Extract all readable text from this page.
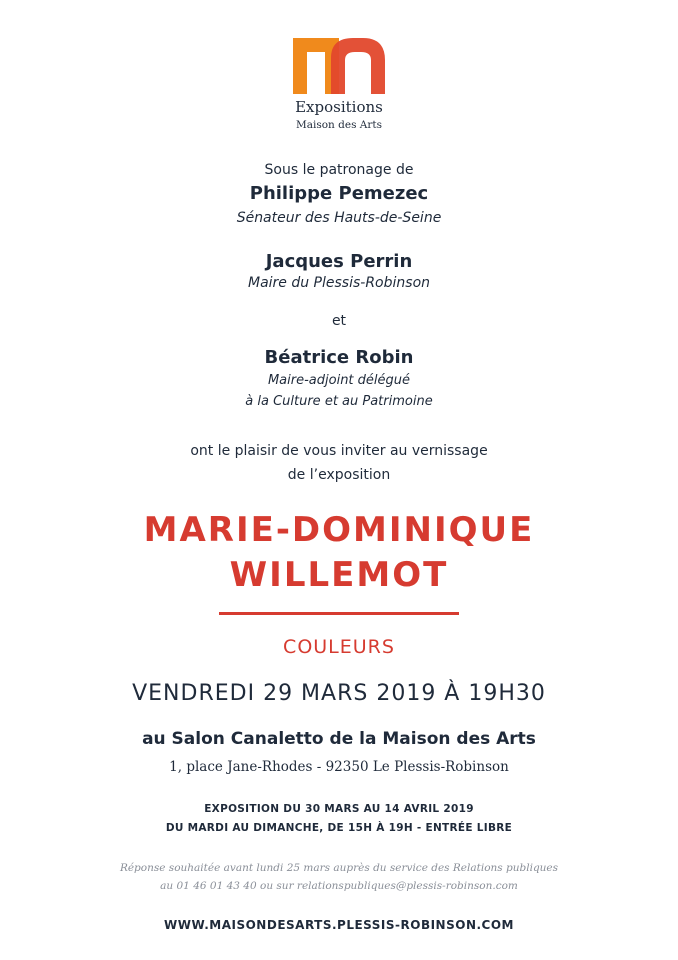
Expositions
Maison des Arts
Sous le patronage de
Philippe Pemezec
Sénateur des Hauts-de-Seine
Jacques Perrin
Maire du Plessis-Robinson
et
Béatrice Robin
Maire-adjoint délégué
à la Culture et au Patrimoine
ont le plaisir de vous inviter au vernissage
de l’exposition
MARIE-DOMINIQUE
WILLEMOT
COULEURS
VENDREDI 29 MARS 2019 À 19H30
au Salon Canaletto de la Maison des Arts
1, place Jane-Rhodes - 92350 Le Plessis-Robinson
EXPOSITION DU 30 MARS AU 14 AVRIL 2019
DU MARDI AU DIMANCHE, DE 15H À 19H - ENTRÉE LIBRE
Réponse souhaitée avant lundi 25 mars auprès du service des Relations publiques
au 01 46 01 43 40 ou sur relationspubliques@plessis-robinson.com
WWW.MAISONDESARTS.PLESSIS-ROBINSON.COM
